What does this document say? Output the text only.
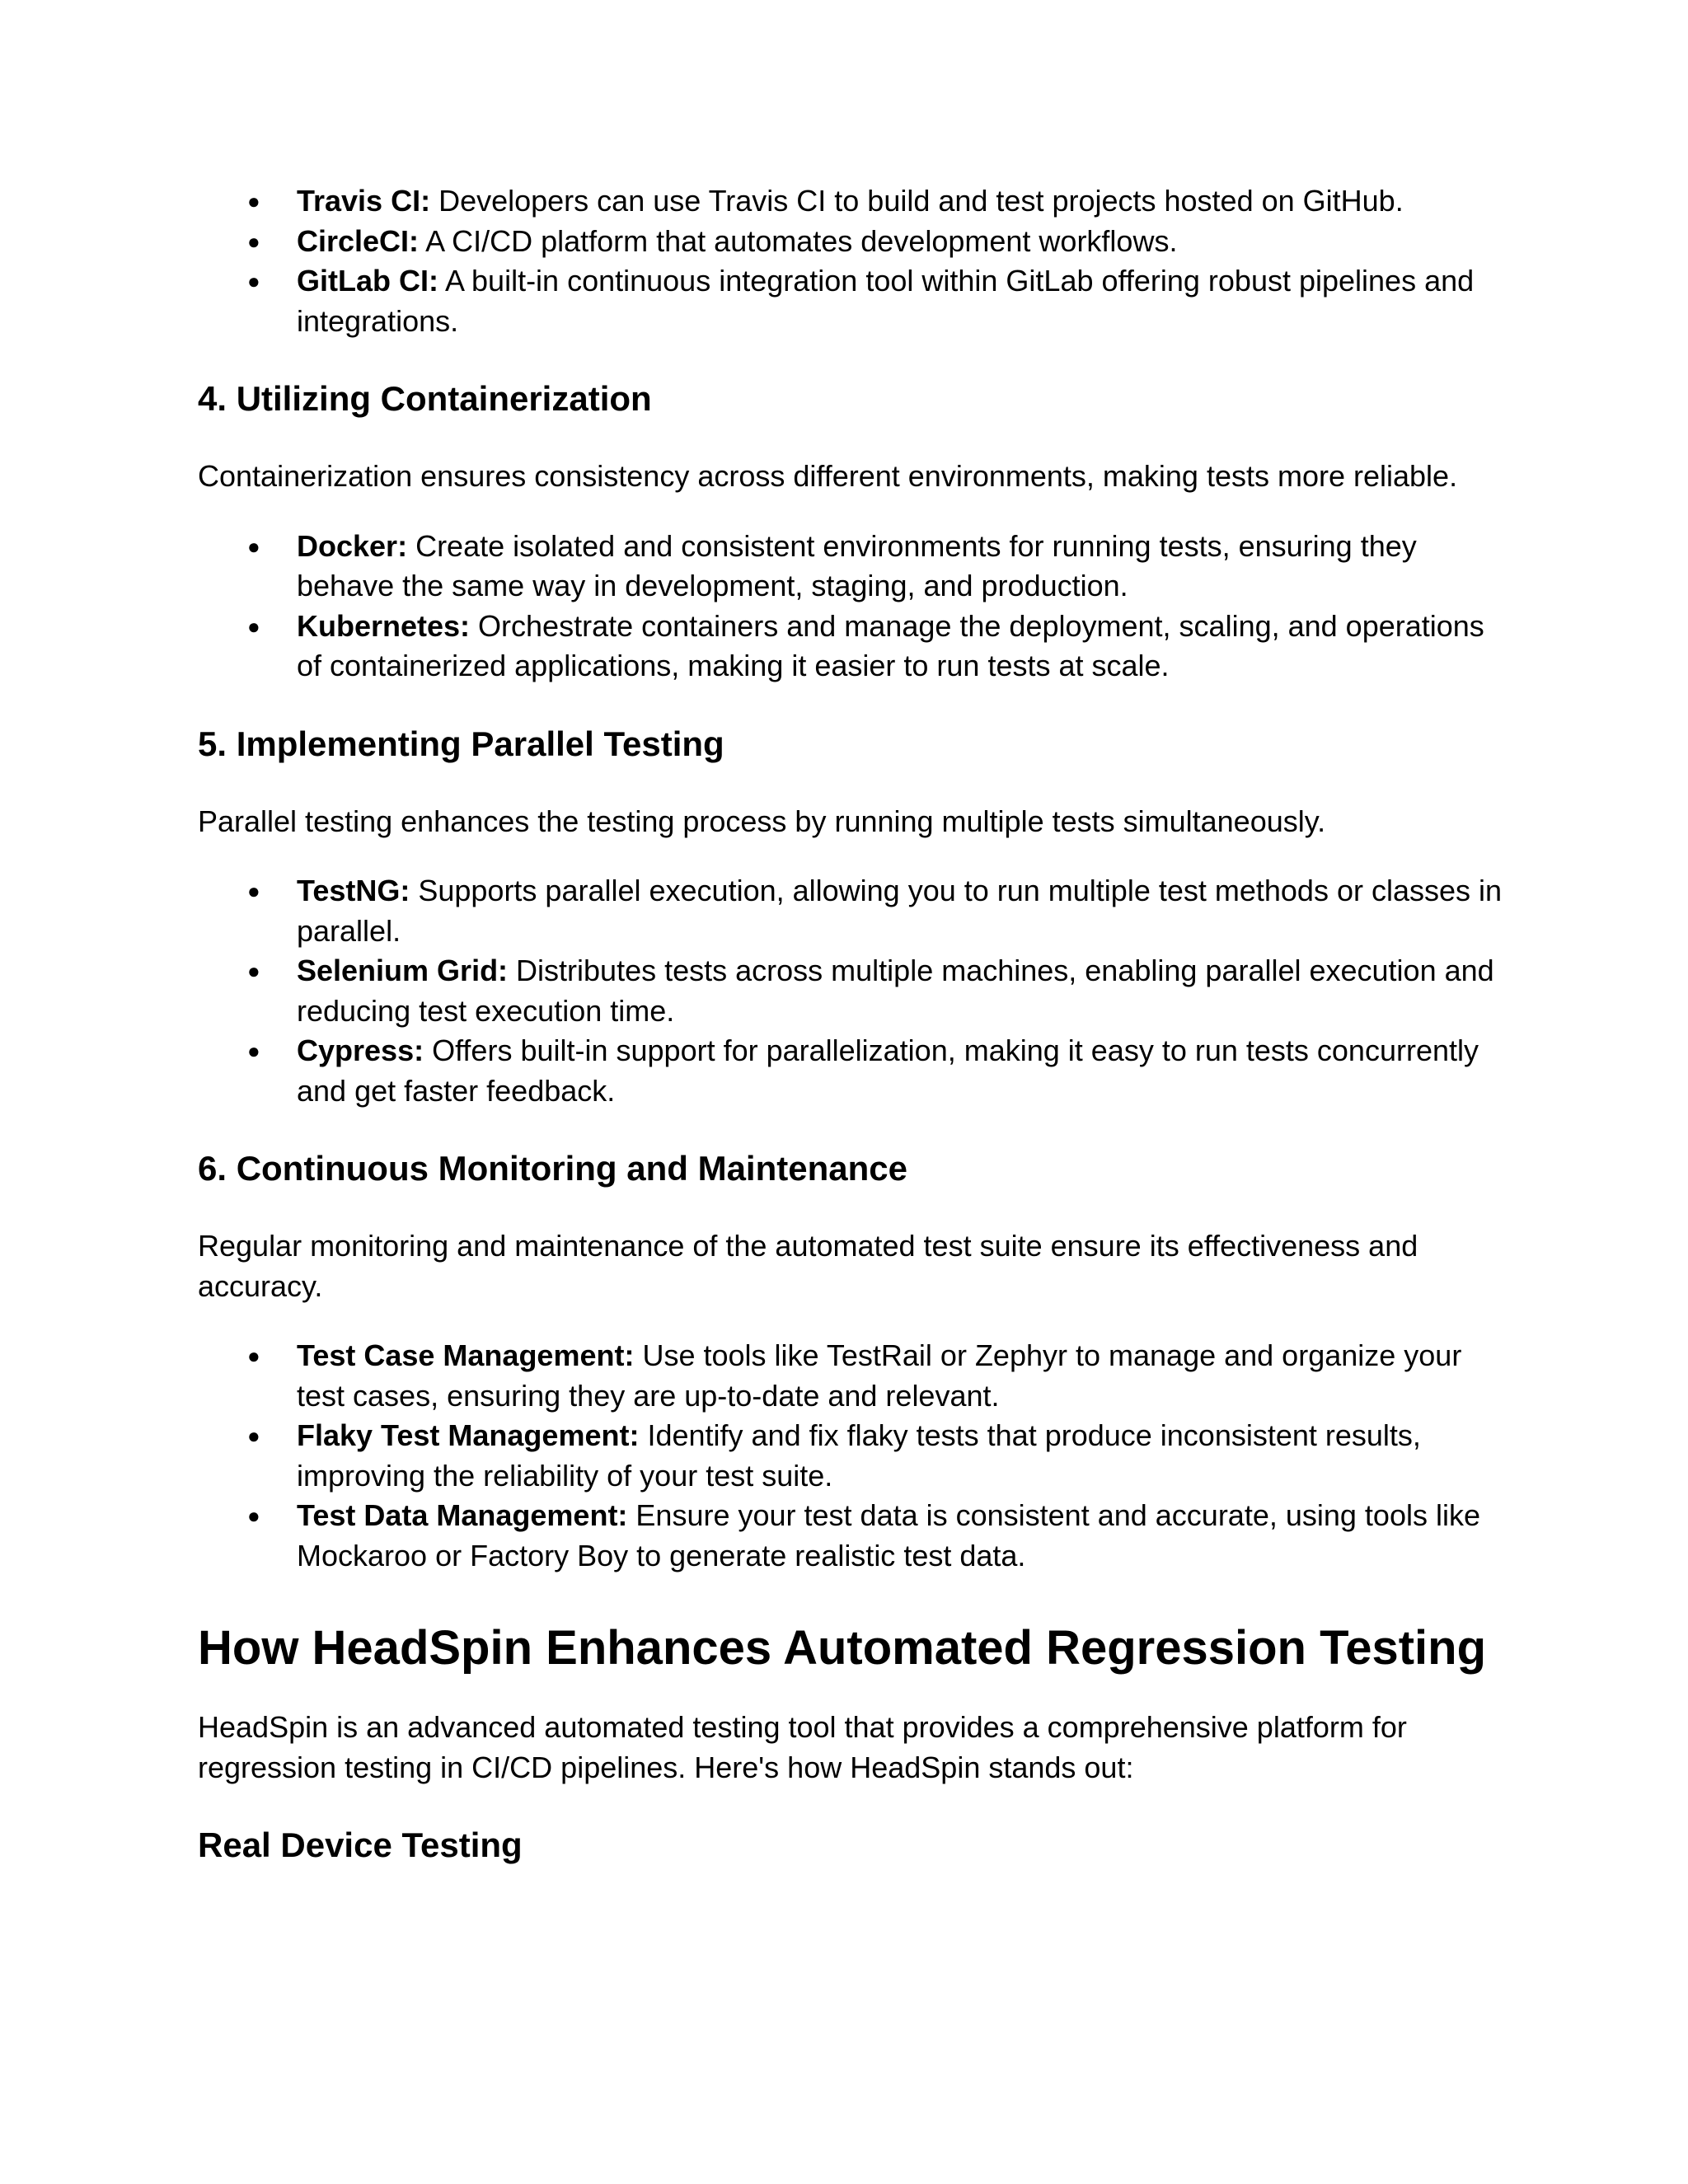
● Travis CI: Developers can use Travis CI to build and test projects hosted on GitHub.
● CircleCI: A CI/CD platform that automates development workflows.
● GitLab CI: A built-in continuous integration tool within GitLab offering robust pipelines and integrations.
4. Utilizing Containerization

Containerization ensures consistency across different environments, making tests more reliable.

● Docker: Create isolated and consistent environments for running tests, ensuring they behave the same way in development, staging, and production.
● Kubernetes: Orchestrate containers and manage the deployment, scaling, and operations of containerized applications, making it easier to run tests at scale.
5. Implementing Parallel Testing

Parallel testing enhances the testing process by running multiple tests simultaneously.

● TestNG: Supports parallel execution, allowing you to run multiple test methods or classes in parallel.
● Selenium Grid: Distributes tests across multiple machines, enabling parallel execution and reducing test execution time.
● Cypress: Offers built-in support for parallelization, making it easy to run tests concurrently and get faster feedback.
6. Continuous Monitoring and Maintenance

Regular monitoring and maintenance of the automated test suite ensure its effectiveness and accuracy.

● Test Case Management: Use tools like TestRail or Zephyr to manage and organize your test cases, ensuring they are up-to-date and relevant.
● Flaky Test Management: Identify and fix flaky tests that produce inconsistent results, improving the reliability of your test suite.
● Test Data Management: Ensure your test data is consistent and accurate, using tools like Mockaroo or Factory Boy to generate realistic test data.
How HeadSpin Enhances Automated Regression Testing

HeadSpin is an advanced automated testing tool that provides a comprehensive platform for regression testing in CI/CD pipelines. Here's how HeadSpin stands out:

Real Device Testing
